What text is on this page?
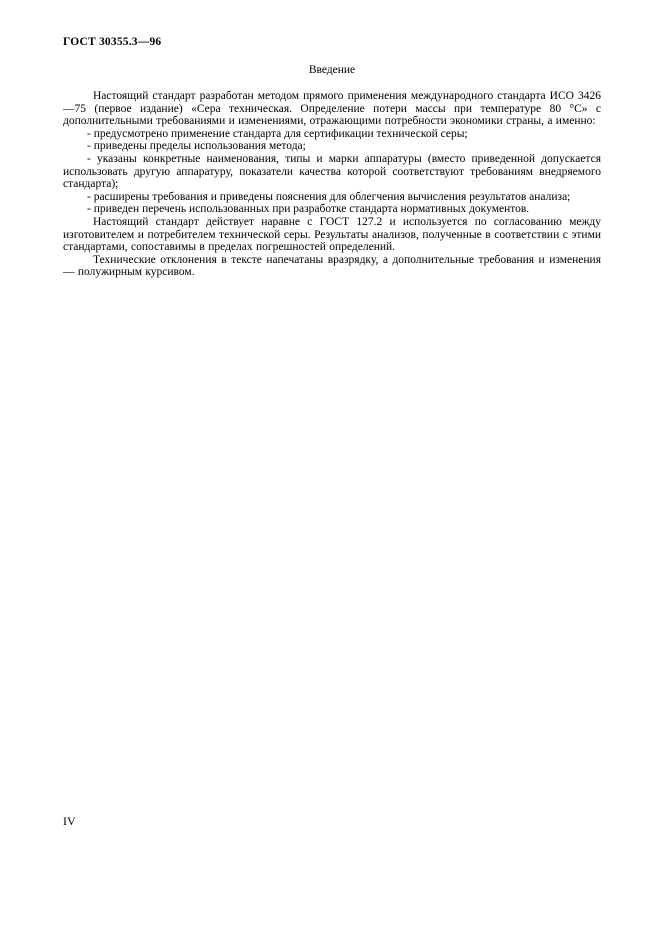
ГОСТ 30355.3—96
Введение

Настоящий стандарт разработан методом прямого применения международного стандарта ИСО 3426—75 (первое издание) «Сера техническая. Определение потери массы при температуре 80 °С» с дополнительными требованиями и изменениями, отражающими потребности экономики страны, а именно:

- предусмотрено применение стандарта для сертификации технической серы;

- приведены пределы использования метода;

- указаны конкретные наименования, типы и марки аппаратуры (вместо приведенной допускается использовать другую аппаратуру, показатели качества которой соответствуют требованиям внедряемого стандарта);

- расширены требования и приведены пояснения для облегчения вычисления результатов анализа;

- приведен перечень использованных при разработке стандарта нормативных документов.

Настоящий стандарт действует наравне с ГОСТ 127.2 и используется по согласованию между изготовителем и потребителем технической серы. Результаты анализов, полученные в соответствии с этими стандартами, сопоставимы в пределах погрешностей определений.

Технические отклонения в тексте напечатаны вразрядку, а дополнительные требования и изменения — полужирным курсивом.

IV
